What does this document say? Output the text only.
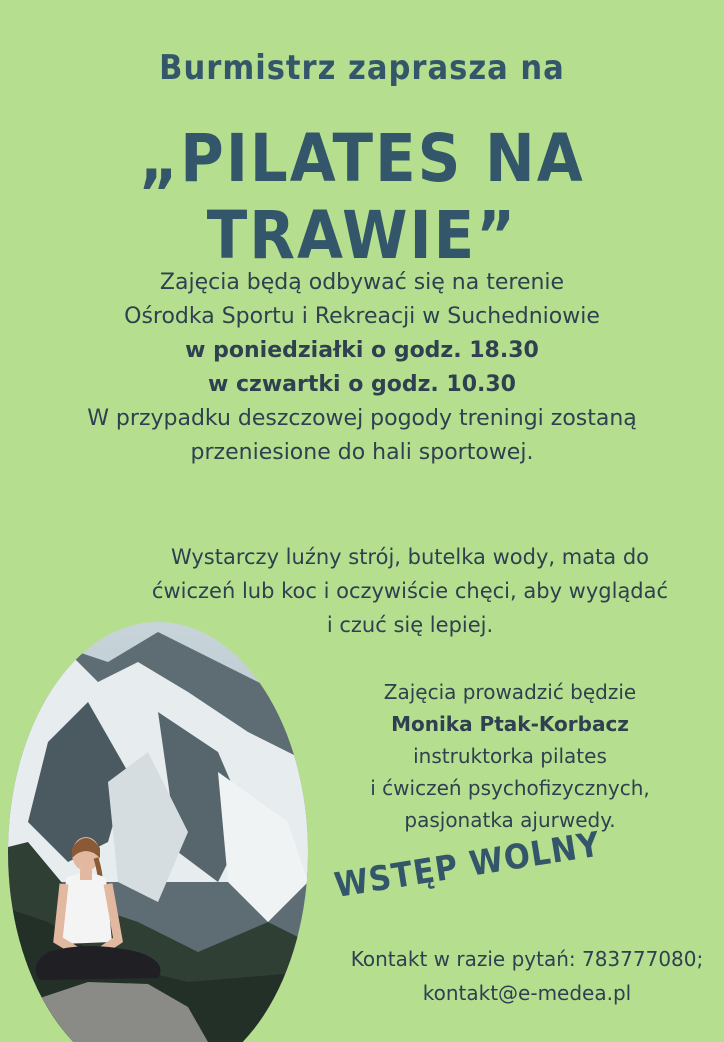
Burmistrz zaprasza na
„PILATES NA TRAWIE”
Zajęcia będą odbywać się na terenie
Ośrodka Sportu i Rekreacji w Suchedniowie
w poniedziałki o godz. 18.30
w czwartki o godz. 10.30
W przypadku deszczowej pogody treningi zostaną
przeniesione do hali sportowej.
Wystarczy luźny strój, butelka wody, mata do
ćwiczeń lub koc i oczywiście chęci, aby wyglądać
i czuć się lepiej.
Zajęcia prowadzić będzie
Monika Ptak-Korbacz
instruktorka pilates
i ćwiczeń psychofizycznych,
pasjonatka ajurwedy.
WSTĘP WOLNY
Kontakt w razie pytań: 783777080;
kontakt@e-medea.pl
